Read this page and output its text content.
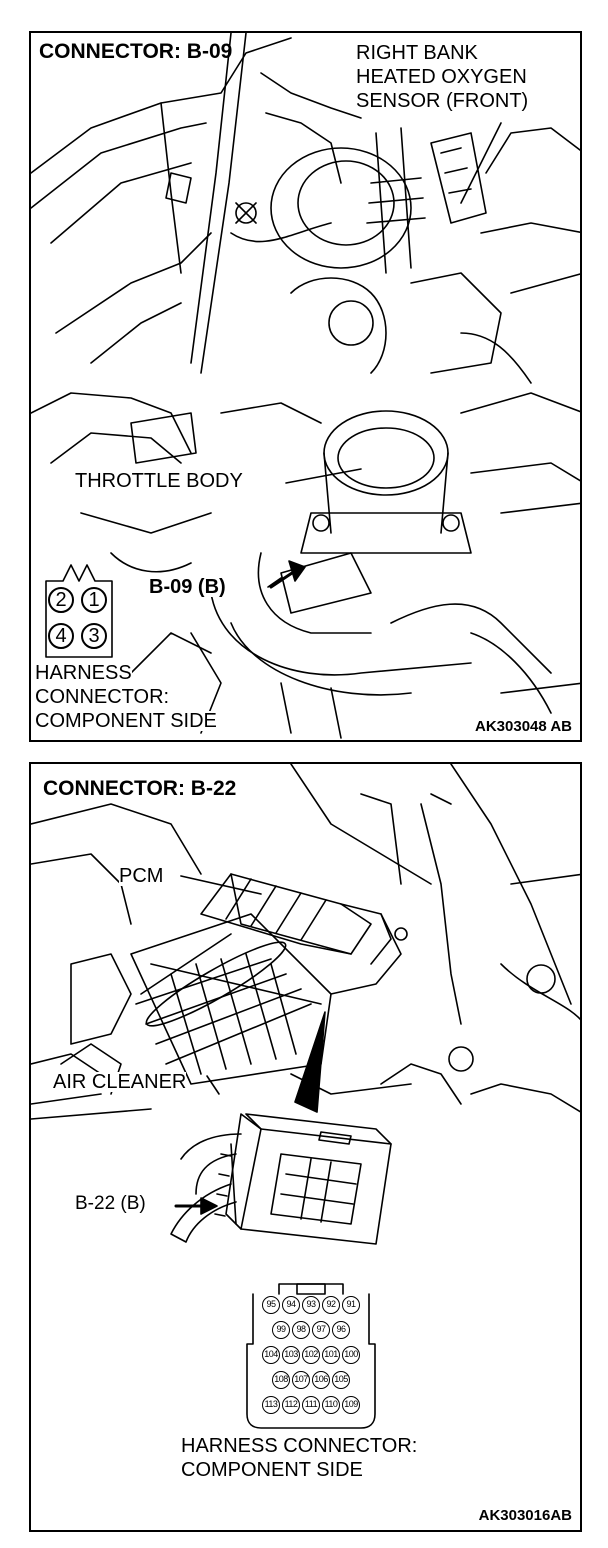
CONNECTOR: B-09	RIGHT BANK
HEATED OXYGEN
SENSOR (FRONT)
THROTTLE BODY
B-09 (B)
2	1
4	3
HARNESS
CONNECTOR:
COMPONENT SIDE	AK303048 AB
CONNECTOR: B-22
PCM
AIR CLEANER
B-22 (B)
95	94	93	92	91
99	98	97	96
104 103 102 101 100
108 107 106 105
113 112 111 110 109
HARNESS CONNECTOR:
COMPONENT SIDE
AK303016AB
